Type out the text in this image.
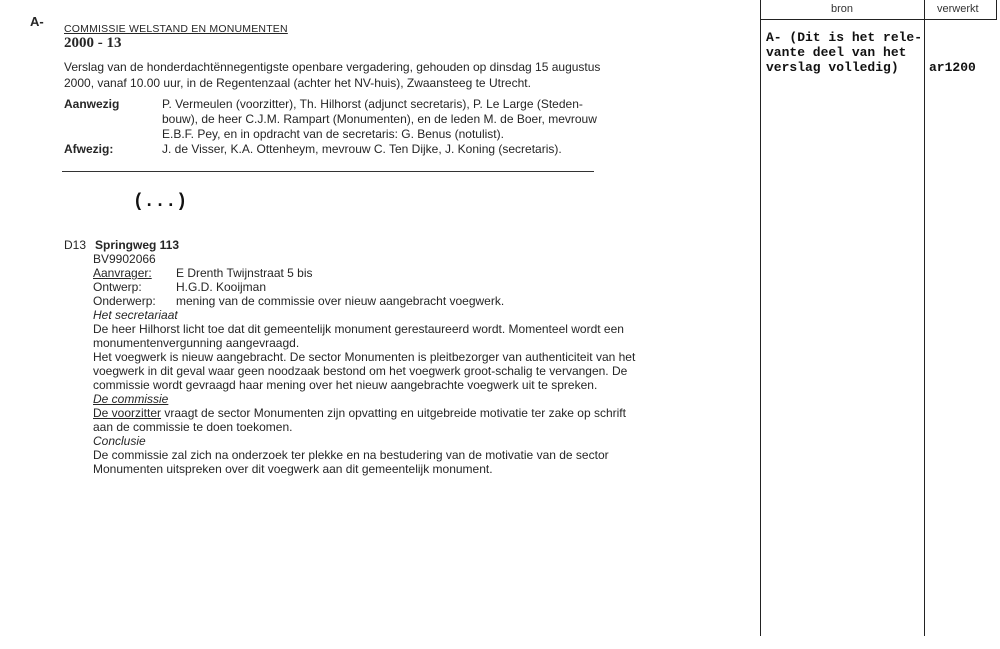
A- COMMISSIE WELSTAND EN MONUMENTEN
2000 - 13
Verslag van de honderdachtënnegentigste openbare vergadering, gehouden op dinsdag 15 augustus
2000, vanaf 10.00 uur, in de Regentenzaal (achter het NV-huis), Zwaansteeg te Utrecht.
Aanwezig	P. Vermeulen (voorzitter), Th. Hilhorst (adjunct secretaris), P. Le Large (Steden-
bouw), de heer C.J.M. Rampart (Monumenten), en de leden M. de Boer, mevrouw
E.B.F. Pey, en in opdracht van de secretaris: G. Benus (notulist).
Afwezig:	J. de Visser, K.A. Ottenheym, mevrouw C. Ten Dijke, J. Koning (secretaris).
(...)
D13 Springweg 113
BV9902066
Aanvrager: E Drenth Twijnstraat 5 bis
Ontwerp:	H.G.D. Kooijman
Onderwerp: mening van de commissie over nieuw aangebracht voegwerk.
Het secretariaat
De heer Hilhorst licht toe dat dit gemeentelijk monument gerestaureerd wordt. Momenteel wordt een
monumentenvergunning aangevraagd.
Het voegwerk is nieuw aangebracht. De sector Monumenten is pleitbezorger van authenticiteit van het
voegwerk in dit geval waar geen noodzaak bestond om het voegwerk groot-schalig te vervangen. De
commissie wordt gevraagd haar mening over het nieuw aangebrachte voegwerk uit te spreken.
De commissie
De voorzitter vraagt de sector Monumenten zijn opvatting en uitgebreide motivatie ter zake op schrift
aan de commissie te doen toekomen.
Conclusie
De commissie zal zich na onderzoek ter plekke en na bestudering van de motivatie van de sector
Monumenten uitspreken over dit voegwerk aan dit gemeentelijk monument.
bron	verwerkt
A- (Dit is het rele-
vante deel van het
verslag volledig) ar1200
